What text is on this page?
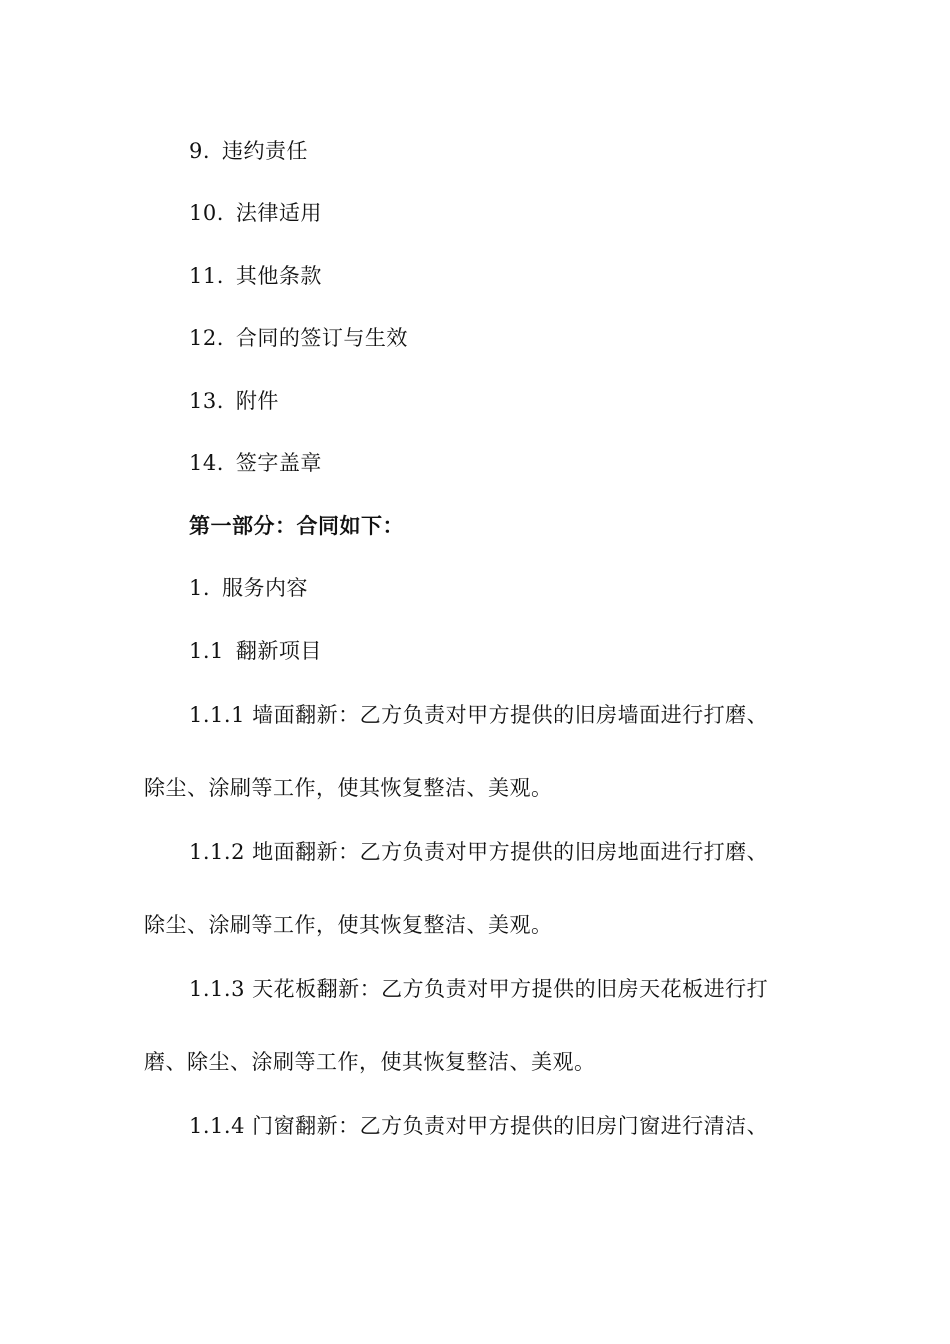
9. 违约责任
10. 法律适用
11. 其他条款
12. 合同的签订与生效
13. 附件
14. 签字盖章
第一部分：合同如下：
1. 服务内容
1.1 翻新项目
1.1.1 墙面翻新：乙方负责对甲方提供的旧房墙面进行打磨、
除尘、涂刷等工作，使其恢复整洁、美观。
1.1.2 地面翻新：乙方负责对甲方提供的旧房地面进行打磨、
除尘、涂刷等工作，使其恢复整洁、美观。
1.1.3 天花板翻新：乙方负责对甲方提供的旧房天花板进行打
磨、除尘、涂刷等工作，使其恢复整洁、美观。
1.1.4 门窗翻新：乙方负责对甲方提供的旧房门窗进行清洁、
